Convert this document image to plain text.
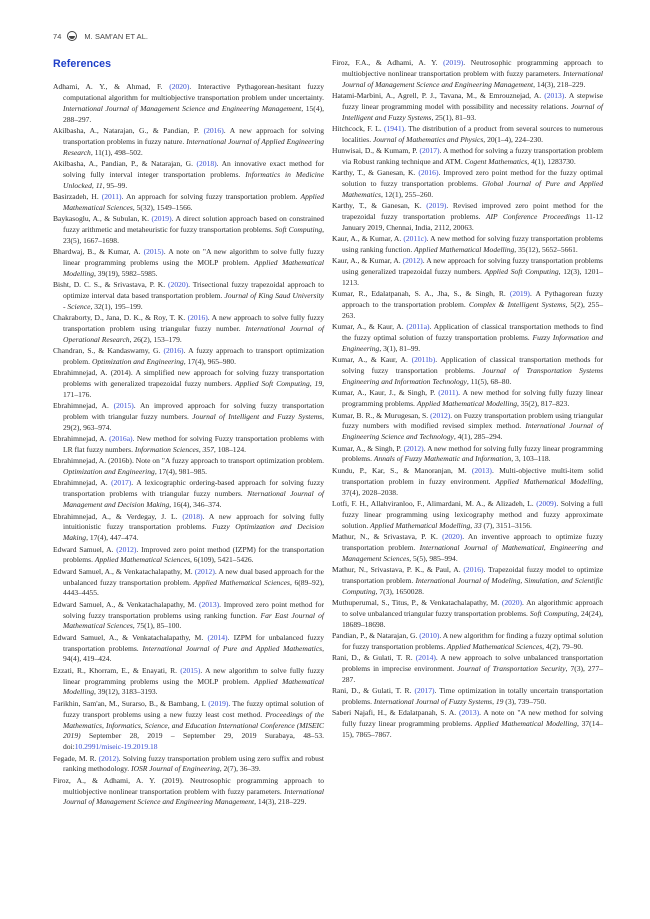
74	M. SAM'AN ET AL.
References

Adhami, A. Y., & Ahmad, F. (2020). Interactive Pythagorean-hesitant fuzzy computational algorithm for multiobjective transportation problem under uncertainty. International Journal of Management Science and Engineering Management, 15(4), 288–297.

Akilbasha, A., Natarajan, G., & Pandian, P. (2016). A new approach for solving transportation problems in fuzzy nature. International Journal of Applied Engineering Research, 11(1), 498–502.

Akilbasha, A., Pandian, P., & Natarajan, G. (2018). An innovative exact method for solving fully interval integer transportation problems. Informatics in Medicine Unlocked, 11, 95–99.

Basirzadeh, H. (2011). An approach for solving fuzzy transportation problem. Applied Mathematical Sciences, 5(32), 1549–1566.

Baykasoglu, A., & Subulan, K. (2019). A direct solution approach based on constrained fuzzy arithmetic and metaheuristic for fuzzy transportation problems. Soft Computing, 23(5), 1667–1698.

Bhardwaj, B., & Kumar, A. (2015). A note on "A new algorithm to solve fully fuzzy linear programming problems using the MOLP problem. Applied Mathematical Modelling, 39(19), 5982–5985.

Bisht, D. C. S., & Srivastava, P. K. (2020). Trisectional fuzzy trapezoidal approach to optimize interval data based transportation problem. Journal of King Saud University - Science, 32(1), 195–199.

Chakraborty, D., Jana, D. K., & Roy, T. K. (2016). A new approach to solve fully fuzzy transportation problem using triangular fuzzy number. International Journal of Operational Research, 26(2), 153–179.

Chandran, S., & Kandaswamy, G. (2016). A fuzzy approach to transport optimization problem. Optimization and Engineering, 17(4), 965–980.

Ebrahimnejad, A. (2014). A simplified new approach for solving fuzzy transportation problems with generalized trapezoidal fuzzy numbers. Applied Soft Computing, 19, 171–176.

Ebrahimnejad, A. (2015). An improved approach for solving fuzzy transportation problem with triangular fuzzy numbers. Journal of Intelligent and Fuzzy Systems, 29(2), 963–974.

Ebrahimnejad, A. (2016a). New method for solving Fuzzy transportation problems with LR flat fuzzy numbers. Information Sciences, 357, 108–124.

Ebrahimnejad, A. (2016b). Note on "A fuzzy approach to transport optimization problem. Optimization and Engineering, 17(4), 981–985.

Ebrahimnejad, A. (2017). A lexicographic ordering-based approach for solving fuzzy transportation problems with triangular fuzzy numbers. Nternational Journal of Management and Decision Making, 16(4), 346–374.

Ebrahimnejad, A., & Verdegay, J. L. (2018). A new approach for solving fully intuitionistic fuzzy transportation problems. Fuzzy Optimization and Decision Making, 17(4), 447–474.

Edward Samuel, A. (2012). Improved zero point method (IZPM) for the transportation problems. Applied Mathematical Sciences, 6(109), 5421–5426.

Edward Samuel, A., & Venkatachalapathy, M. (2012). A new dual based approach for the unbalanced fuzzy transportation problem. Applied Mathematical Sciences, 6(89–92), 4443–4455.

Edward Samuel, A., & Venkatachalapathy, M. (2013). Improved zero point method for solving fuzzy transportation problems using ranking function. Far East Journal of Mathematical Sciences, 75(1), 85–100.

Edward Samuel, A., & Venkatachalapathy, M. (2014). IZPM for unbalanced fuzzy transportation problems. International Journal of Pure and Applied Mathematics, 94(4), 419–424.

Ezzati, R., Khorram, E., & Enayati, R. (2015). A new algorithm to solve fully fuzzy linear programming problems using the MOLP problem. Applied Mathematical Modelling, 39(12), 3183–3193.

Farikhin, Sam'an, M., Surarso, B., & Bambang, I. (2019). The fuzzy optimal solution of fuzzy transport problems using a new fuzzy least cost method. Proceedings of the Mathematics, Informatics, Science, and Education International Conference (MISEIC 2019) September 28, 2019 – September 29, 2019 Surabaya, 48–53. doi:10.2991/miseic-19.2019.18

Fegade, M. R. (2012). Solving fuzzy transportation problem using zero suffix and robust ranking methodology. IOSR Journal of Engineering, 2(7), 36–39.

Firoz, A., & Adhami, A. Y. (2019). Neutrosophic programming approach to multiobjective nonlinear transportation problem with fuzzy parameters. International Journal of Management Science and Engineering Management, 14(3), 218–229.

Firoz, F.A., & Adhami, A. Y. (2019). Neutrosophic programming approach to multiobjective nonlinear transportation problem with fuzzy parameters. International Journal of Management Science and Engineering Management, 14(3), 218–229.

Hatami-Marbini, A., Agrell, P. J., Tavana, M., & Emrouznejad, A. (2013). A stepwise fuzzy linear programming model with possibility and necessity relations. Journal of Intelligent and Fuzzy Systems, 25(1), 81–93.

Hitchcock, F. L. (1941). The distribution of a product from several sources to numerous localities. Journal of Mathematics and Physics, 20(1–4), 224–230.

Hunwisai, D., & Kumam, P. (2017). A method for solving a fuzzy transportation problem via Robust ranking technique and ATM. Cogent Mathematics, 4(1), 1283730.

Karthy, T., & Ganesan, K. (2016). Improved zero point method for the fuzzy optimal solution to fuzzy transportation problems. Global Journal of Pure and Applied Mathematics, 12(1), 255–260.

Karthy, T., & Ganesan, K. (2019). Revised improved zero point method for the trapezoidal fuzzy transportation problems. AIP Conference Proceedings 11-12 January 2019, Chennai, India, 2112, 20063.

Kaur, A., & Kumar, A. (2011c). A new method for solving fuzzy transportation problems using ranking function. Applied Mathematical Modelling, 35(12), 5652–5661.

Kaur, A., & Kumar, A. (2012). A new approach for solving fuzzy transportation problems using generalized trapezoidal fuzzy numbers. Applied Soft Computing, 12(3), 1201–1213.

Kumar, R., Edalatpanah, S. A., Jha, S., & Singh, R. (2019). A Pythagorean fuzzy approach to the transportation problem. Complex & Intelligent Systems, 5(2), 255–263.

Kumar, A., & Kaur, A. (2011a). Application of classical transportation methods to find the fuzzy optimal solution of fuzzy transportation problems. Fuzzy Information and Engineering, 3(1), 81–99.

Kumar, A., & Kaur, A. (2011b). Application of classical transportation methods for solving fuzzy transportation problems. Journal of Transportation Systems Engineering and Information Technology, 11(5), 68–80.

Kumar, A., Kaur, J., & Singh, P. (2011). A new method for solving fully fuzzy linear programming problems. Applied Mathematical Modelling, 35(2), 817–823.

Kumar, B. R., & Murugesan, S. (2012). on Fuzzy transportation problem using triangular fuzzy numbers with modified revised simplex method. International Journal of Engineering Science and Technology, 4(1), 285–294.

Kumar, A., & Singh, P. (2012). A new method for solving fully fuzzy linear programming problems. Annals of Fuzzy Mathematic and Information, 3, 103–118.

Kundu, P., Kar, S., & Manoranjan, M. (2013). Multi-objective multi-item solid transportation problem in fuzzy environment. Applied Mathematical Modelling, 37(4), 2028–2038.

Lotfi, F. H., Allahviranloo, F., Alimardani, M. A., & Alizadeh, L. (2009). Solving a full fuzzy linear programming using lexicography method and fuzzy approximate solution. Applied Mathematical Modelling, 33 (7), 3151–3156.

Mathur, N., & Srivastava, P. K. (2020). An inventive approach to optimize fuzzy transportation problem. International Journal of Mathematical, Engineering and Management Sciences, 5(5), 985–994.

Mathur, N., Srivastava, P. K., & Paul, A. (2016). Trapezoidal fuzzy model to optimize transportation problem. International Journal of Modeling, Simulation, and Scientific Computing, 7(3), 1650028.

Muthuperumal, S., Titus, P., & Venkatachalapathy, M. (2020). An algorithmic approach to solve unbalanced triangular fuzzy transportation problems. Soft Computing, 24(24), 18689–18698.

Pandian, P., & Natarajan, G. (2010). A new algorithm for finding a fuzzy optimal solution for fuzzy transportation problems. Applied Mathematical Sciences, 4(2), 79–90.

Rani, D., & Gulati, T. R. (2014). A new approach to solve unbalanced transportation problems in imprecise environment. Journal of Transportation Security, 7(3), 277–287.

Rani, D., & Gulati, T. R. (2017). Time optimization in totally uncertain transportation problems. International Journal of Fuzzy Systems, 19 (3), 739–750.

Saberi Najafi, H., & Edalatpanah, S. A. (2013). A note on "A new method for solving fully fuzzy linear programming problems. Applied Mathematical Modelling, 37(14–15), 7865–7867.
